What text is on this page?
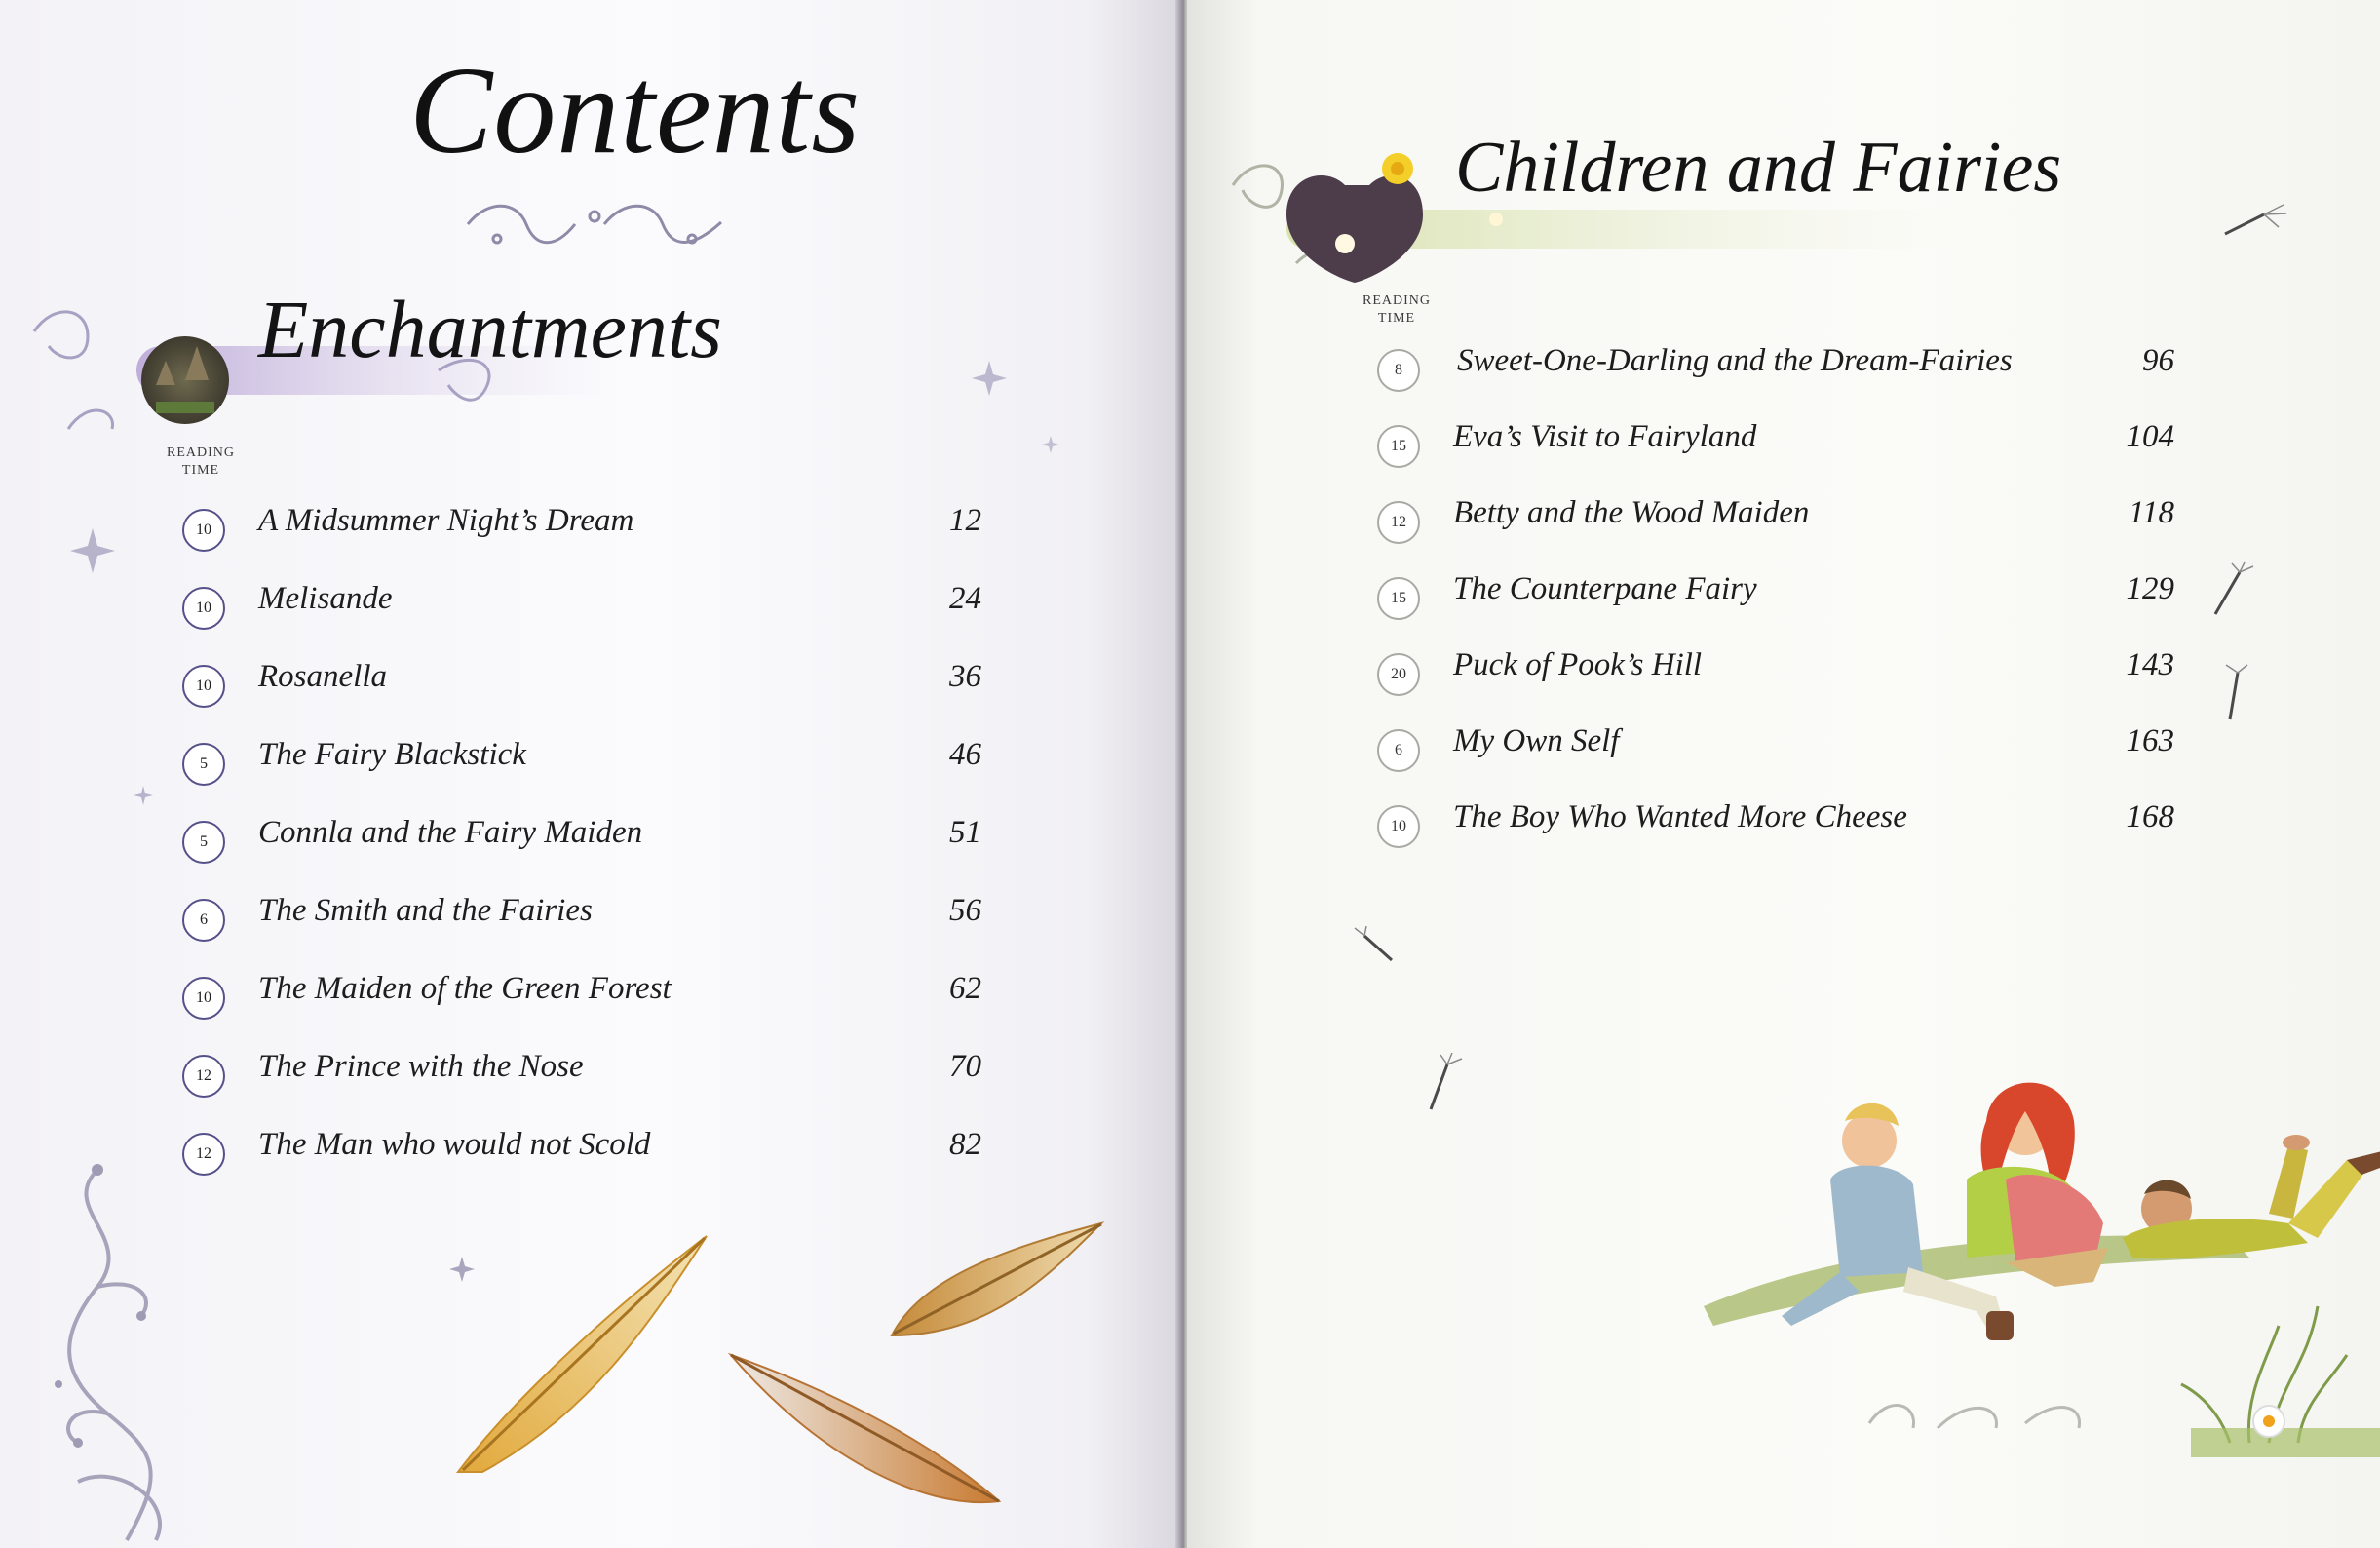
Contents
Enchantments
READING
TIME
10	A Midsummer Night’s Dream	12
10	Melisande	24
10	Rosanella	36
5	The Fairy Blackstick	46
5	Connla and the Fairy Maiden	51
6	The Smith and the Fairies	56
10	The Maiden of the Green Forest	62
12	The Prince with the Nose	70
12	The Man who would not Scold	82
Children and Fairies
READING
TIME
8	Sweet-One-Darling and the Dream-Fairies	96
15	Eva’s Visit to Fairyland	104
12	Betty and the Wood Maiden	118
15	The Counterpane Fairy	129
20	Puck of Pook’s Hill	143
6	My Own Self	163
10	The Boy Who Wanted More Cheese	168
